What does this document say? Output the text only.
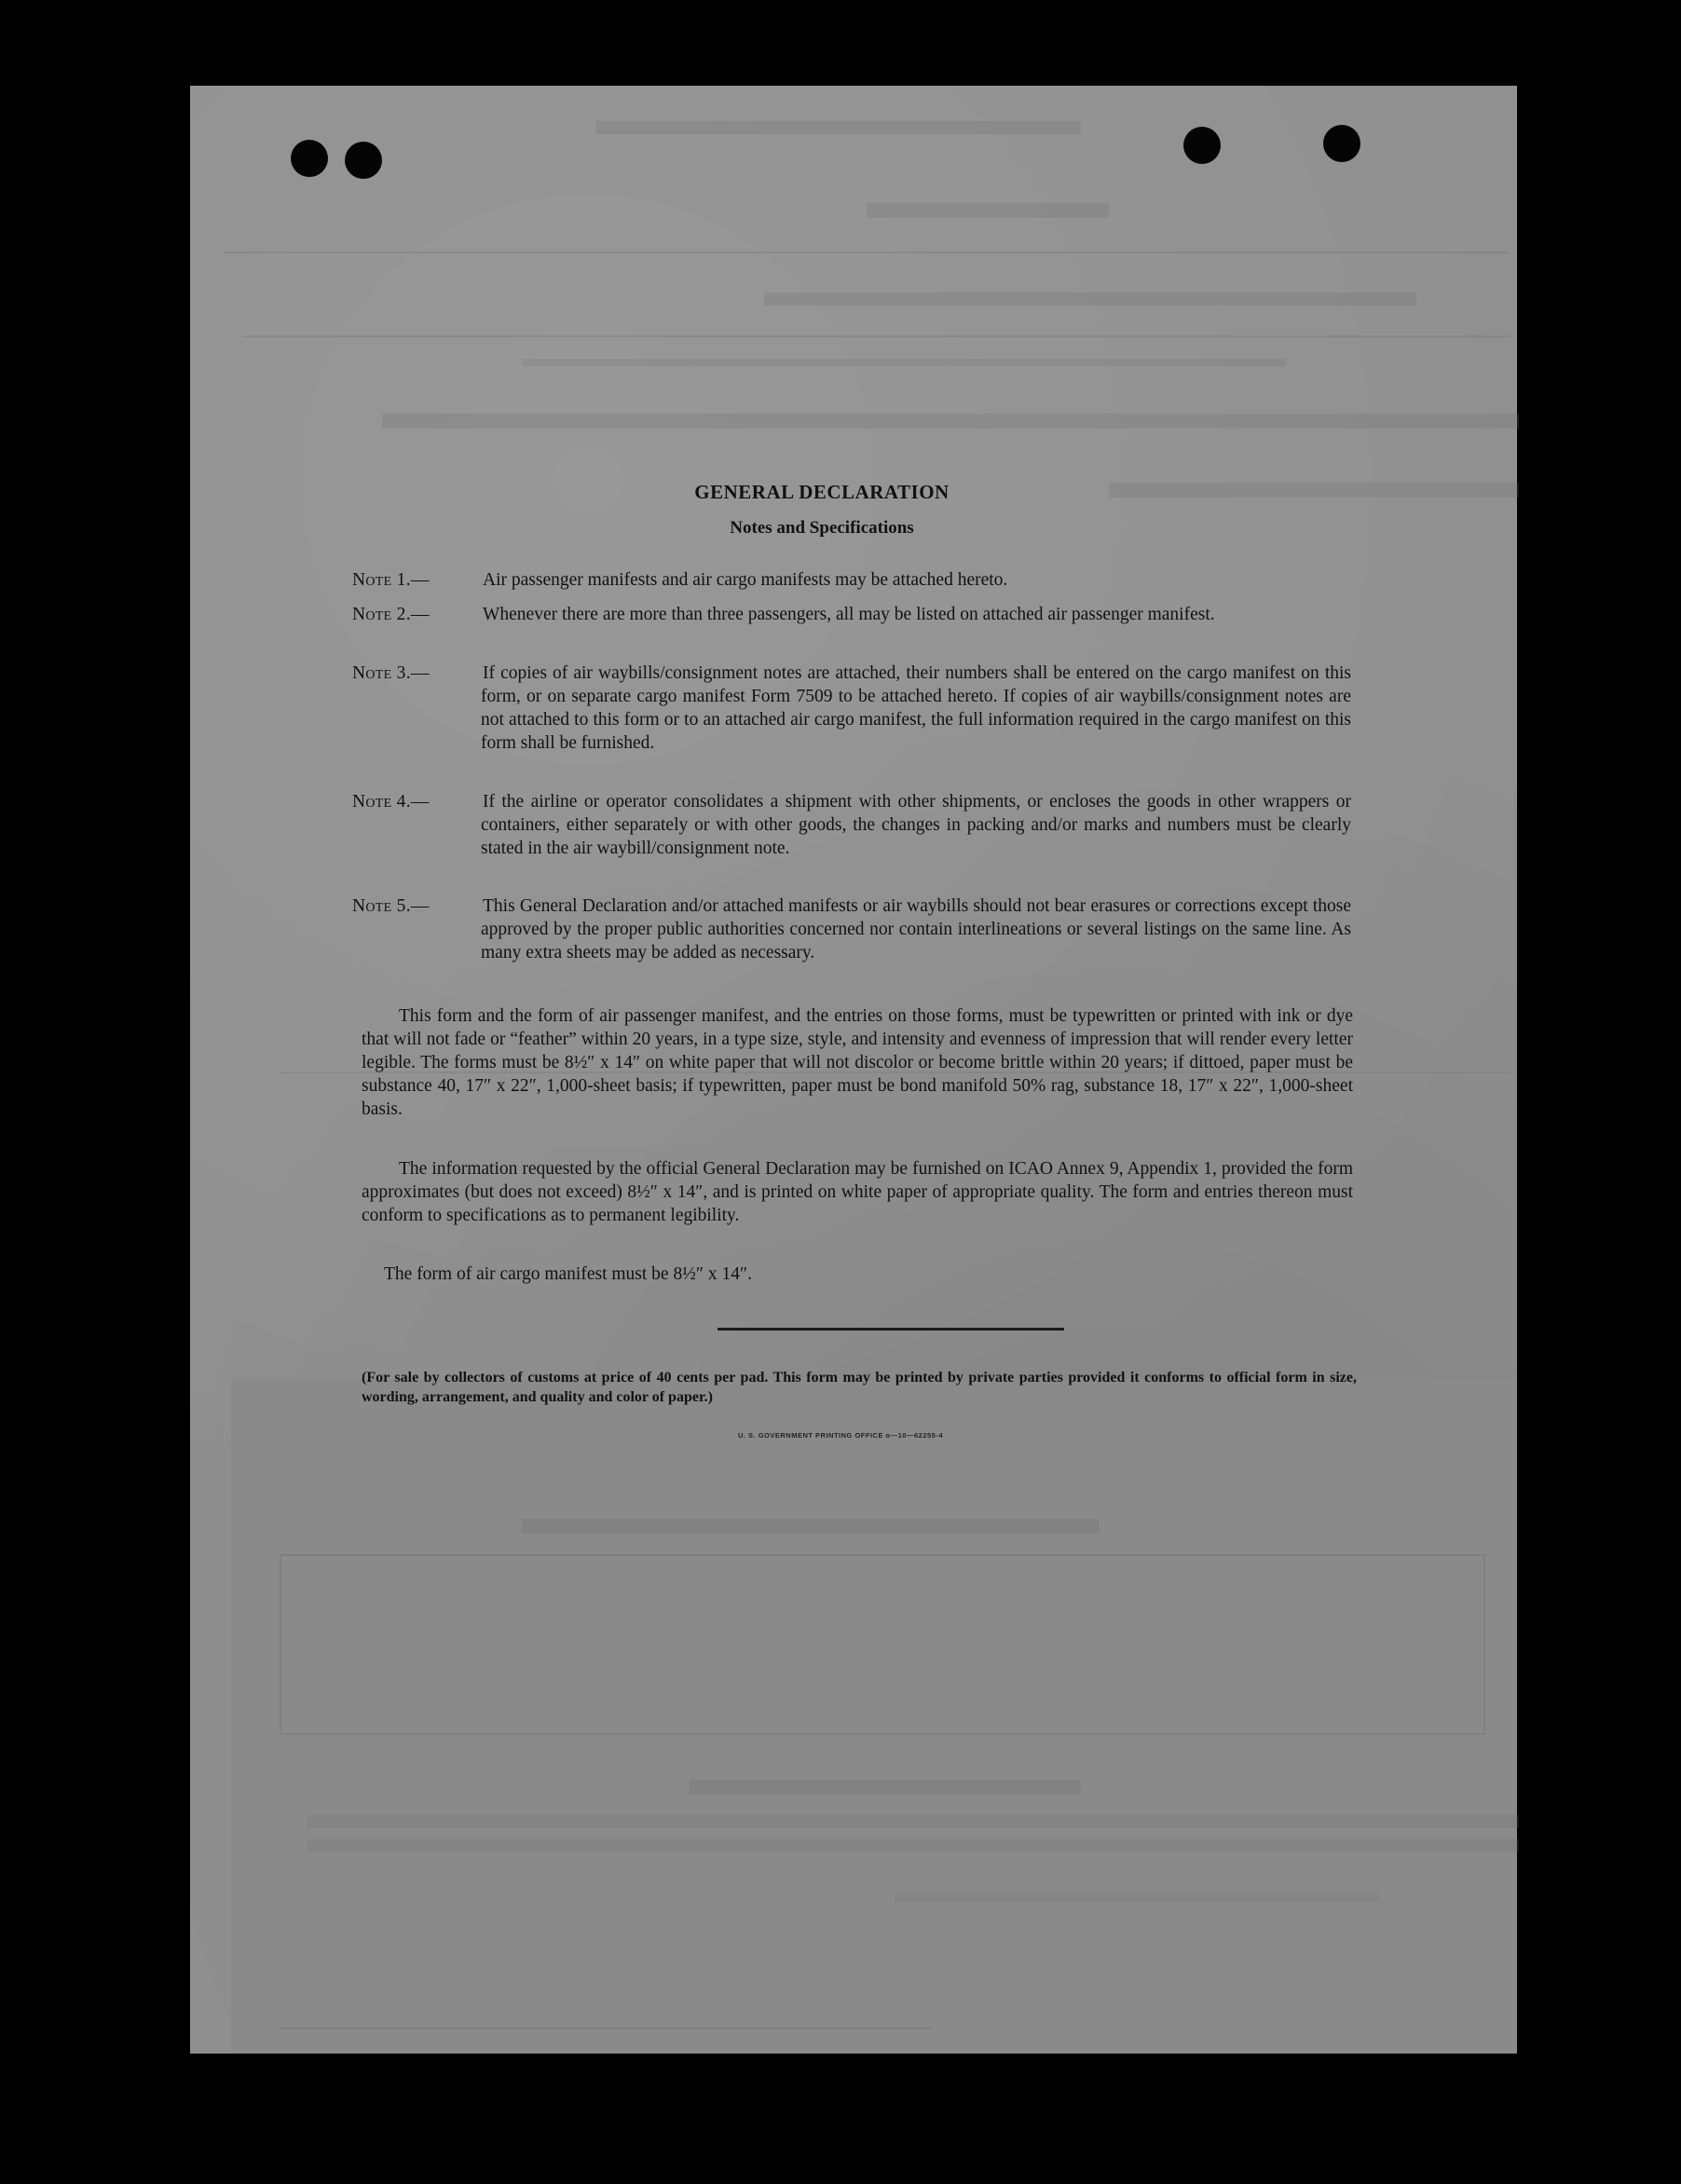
GENERAL DECLARATION
Notes and Specifications
Note 1.—	Air passenger manifests and air cargo manifests may be attached hereto.
Note 2.—	Whenever there are more than three passengers, all may be listed on attached air passenger manifest.
Note 3.—	If copies of air waybills/consignment notes are attached, their numbers shall be entered on the cargo manifest on this form, or on separate cargo manifest Form 7509 to be attached hereto. If copies of air waybills/consignment notes are not attached to this form or to an attached air cargo manifest, the full information required in the cargo manifest on this form shall be furnished.
Note 4.—	If the airline or operator consolidates a shipment with other shipments, or encloses the goods in other wrappers or containers, either separately or with other goods, the changes in packing and/or marks and numbers must be clearly stated in the air waybill/consignment note.
Note 5.—	This General Declaration and/or attached manifests or air waybills should not bear erasures or corrections except those approved by the proper public authorities concerned nor contain interlineations or several listings on the same line. As many extra sheets may be added as necessary.
This form and the form of air passenger manifest, and the entries on those forms, must be typewritten or printed with ink or dye that will not fade or “feather” within 20 years, in a type size, style, and intensity and evenness of impression that will render every letter legible. The forms must be 8½″ x 14″ on white paper that will not discolor or become brittle within 20 years; if dittoed, paper must be substance 40, 17″ x 22″, 1,000-sheet basis; if typewritten, paper must be bond manifold 50% rag, substance 18, 17″ x 22″, 1,000-sheet basis.
The information requested by the official General Declaration may be furnished on ICAO Annex 9, Appendix 1, provided the form approximates (but does not exceed) 8½″ x 14″, and is printed on white paper of appropriate quality. The form and entries thereon must conform to specifications as to permanent legibility.
The form of air cargo manifest must be 8½″ x 14″.
(For sale by collectors of customs at price of 40 cents per pad. This form may be printed by private parties provided it conforms to official form in size, wording, arrangement, and quality and color of paper.)
U. S. GOVERNMENT PRINTING OFFICE o—10—62255-4
